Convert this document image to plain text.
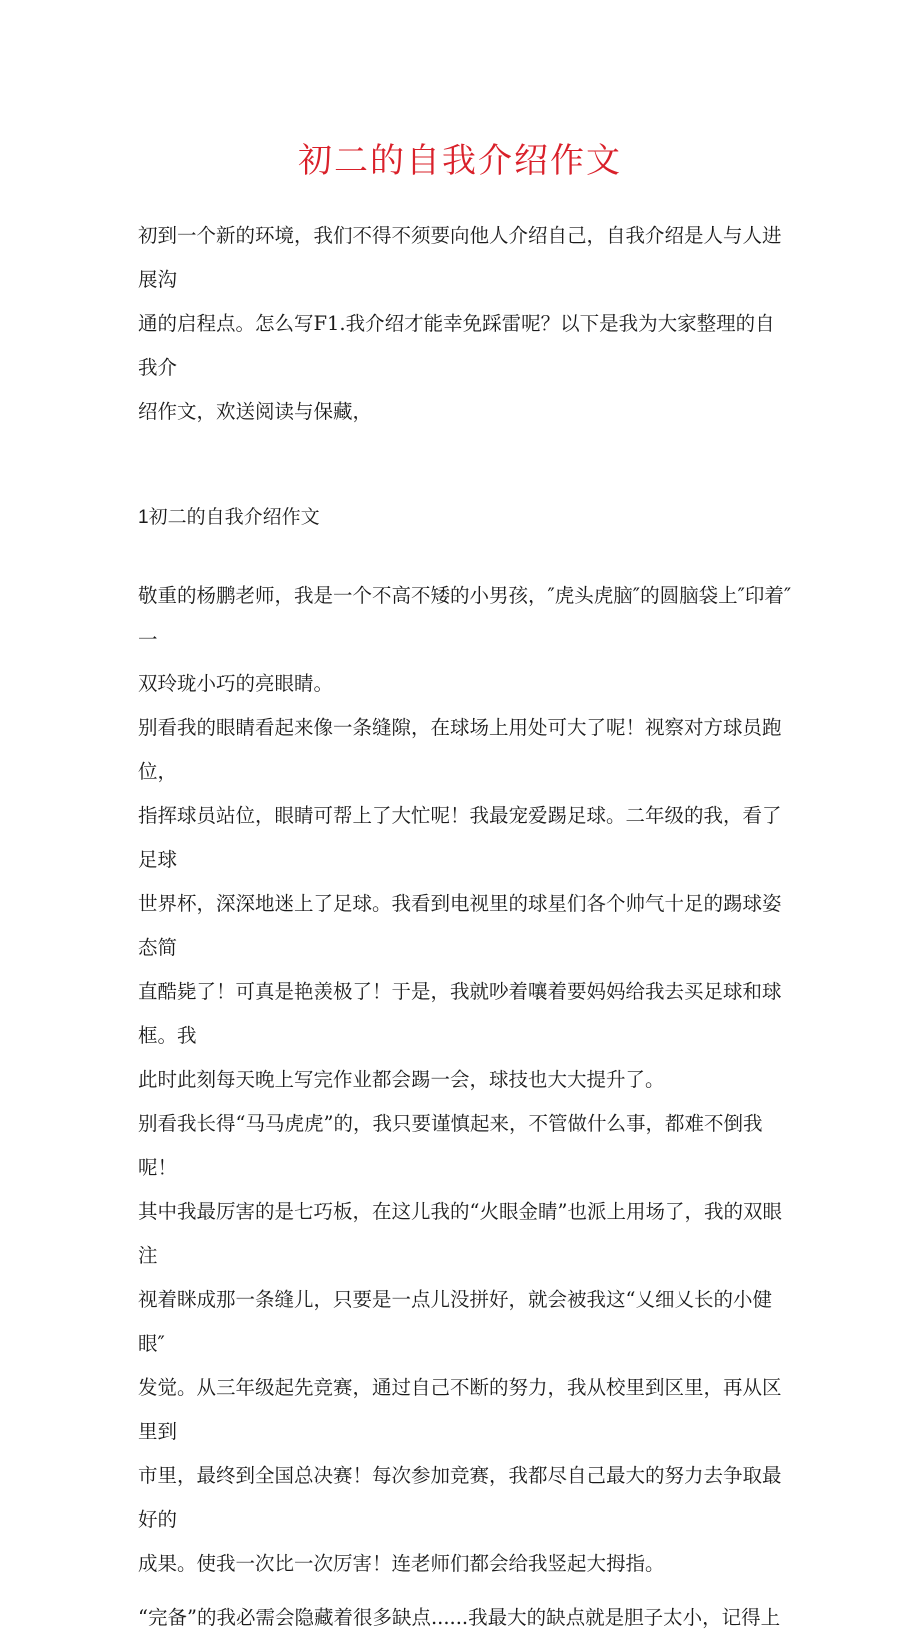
初二的自我介绍作文

初到一个新的环境，我们不得不须要向他人介绍自己，自我介绍是人与人进展沟

通的启程点。怎么写F1.我介绍才能幸免踩雷呢？以下是我为大家整理的自我介

绍作文，欢送阅读与保藏，

1初二的自我介绍作文

敬重的杨鹏老师，我是一个不高不矮的小男孩，″虎头虎脑″的圆脑袋上″印着″一

双玲珑小巧的亮眼睛。

别看我的眼睛看起来像一条缝隙，在球场上用处可大了呢！视察对方球员跑位，

指挥球员站位，眼睛可帮上了大忙呢！我最宠爱踢足球。二年级的我，看了足球

世界杯，深深地迷上了足球。我看到电视里的球星们各个帅气十足的踢球姿态简

直酷毙了！可真是艳羡极了！于是，我就吵着嚷着要妈妈给我去买足球和球框。我

此时此刻每天晚上写完作业都会踢一会，球技也大大提升了。

别看我长得“马马虎虎”的，我只要谨慎起来，不管做什么事，都难不倒我呢！

其中我最厉害的是七巧板，在这儿我的“火眼金睛”也派上用场了，我的双眼注

视着眯成那一条缝儿，只要是一点儿没拼好，就会被我这“乂细乂长的小健眼″

发觉。从三年级起先竞赛，通过自己不断的努力，我从校里到区里，再从区里到

市里，最终到全国总决赛！每次参加竞赛，我都尽自己最大的努力去争取最好的

成果。使我一次比一次厉害！连老师们都会给我竖起大拇指。

“完备”的我必需会隐藏着很多缺点......我最大的缺点就是胆子太小，记得上
